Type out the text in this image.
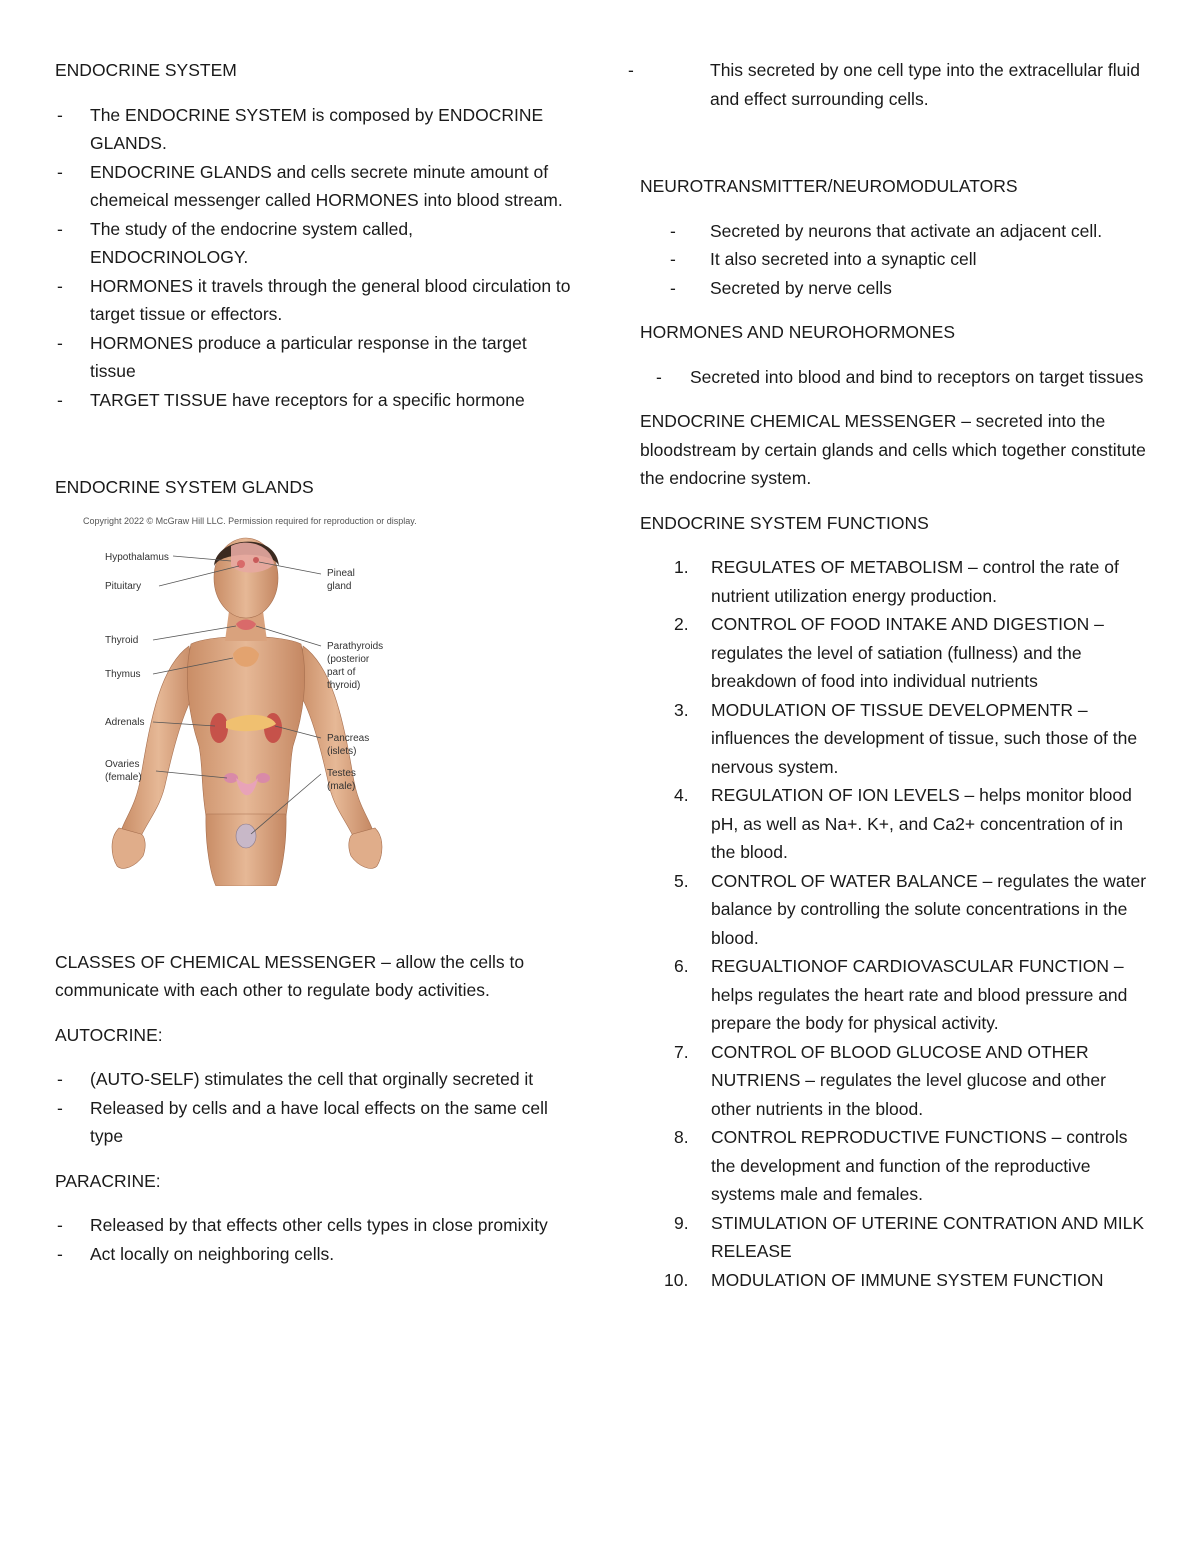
ENDOCRINE SYSTEM

- The ENDOCRINE SYSTEM is composed by ENDOCRINE GLANDS.
- ENDOCRINE GLANDS and cells secrete minute amount of chemeical messenger called HORMONES into blood stream.
- The study of the endocrine system called, ENDOCRINOLOGY.
- HORMONES it travels through the general blood circulation to target tissue or effectors.
- HORMONES produce a particular response in the target tissue
- TARGET TISSUE have receptors for a specific hormone

ENDOCRINE SYSTEM GLANDS

Copyright 2022 © McGraw Hill LLC. Permission required for reproduction or display.
Hypothalamus
Pituitary
Thyroid
Thymus
Adrenals
Ovaries
(female)
Pineal
gland
Parathyroids
(posterior
part of
thyroid)
Pancreas
(islets)
Testes
(male)

CLASSES OF CHEMICAL MESSENGER – allow the cells to communicate with each other to regulate body activities.

AUTOCRINE:

- (AUTO-SELF) stimulates the cell that orginally secreted it
- Released by cells and a have local effects on the same cell type

PARACRINE:

- Released by that effects other cells types in close promixity
- Act locally on neighboring cells.
- This secreted by one cell type into the extracellular fluid and effect surrounding cells.

NEUROTRANSMITTER/NEUROMODULATORS

- Secreted by neurons that activate an adjacent cell.
- It also secreted into a synaptic cell
- Secreted by nerve cells

HORMONES AND NEUROHORMONES

- Secreted into blood and bind to receptors on target tissues

ENDOCRINE CHEMICAL MESSENGER – secreted into the bloodstream by certain glands and cells which together constitute the endocrine system.

ENDOCRINE SYSTEM FUNCTIONS

1. REGULATES OF METABOLISM – control the rate of nutrient utilization energy production.
2. CONTROL OF FOOD INTAKE AND DIGESTION – regulates the level of satiation (fullness) and the breakdown of food into individual nutrients
3. MODULATION OF TISSUE DEVELOPMENTR – influences the development of tissue, such those of the nervous system.
4. REGULATION OF ION LEVELS – helps monitor blood pH, as well as Na+. K+, and Ca2+ concentration of in the blood.
5. CONTROL OF WATER BALANCE – regulates the water balance by controlling the solute concentrations in the blood.
6. REGUALTIONOF CARDIOVASCULAR FUNCTION – helps regulates the heart rate and blood pressure and prepare the body for physical activity.
7. CONTROL OF BLOOD GLUCOSE AND OTHER NUTRIENS – regulates the level glucose and other other nutrients in the blood.
8. CONTROL REPRODUCTIVE FUNCTIONS – controls the development and function of the reproductive systems male and females.
9. STIMULATION OF UTERINE CONTRATION AND MILK RELEASE
10. MODULATION OF IMMUNE SYSTEM FUNCTION
